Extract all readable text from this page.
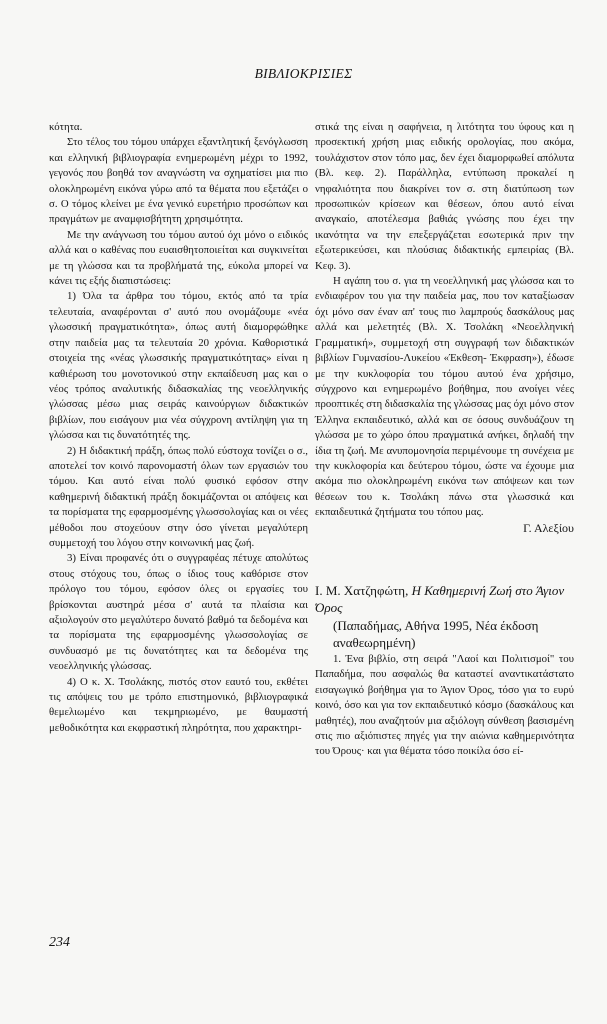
ΒΙΒΛΙΟΚΡΙΣΙΕΣ

κότητα.

Στο τέλος του τόμου υπάρχει εξαντλητική ξενόγλωσση και ελληνική βιβλιογραφία ενημερωμένη μέχρι το 1992, γεγονός που βοηθά τον αναγνώστη να σχηματίσει μια πιο ολοκληρωμένη εικόνα γύρω από τα θέματα που εξετάζει ο σ. Ο τόμος κλείνει με ένα γενικό ευρετήριο προσώπων και πραγμάτων με αναμφισβήτητη χρησιμότητα.

Με την ανάγνωση του τόμου αυτού όχι μόνο ο ειδικός αλλά και ο καθένας που ευαισθητοποιείται και συγκινείται με τη γλώσσα και τα προβλήματά της, εύκολα μπορεί να κάνει τις εξής διαπιστώσεις:

1) Όλα τα άρθρα του τόμου, εκτός από τα τρία τελευταία, αναφέρονται σ' αυτό που ονομάζουμε «νέα γλωσσική πραγματικότητα», όπως αυτή διαμορφώθηκε στην παιδεία μας τα τελευταία 20 χρόνια. Καθοριστικά στοιχεία της «νέας γλωσσικής πραγματικότητας» είναι η καθιέρωση του μονοτονικού στην εκπαίδευση μας και ο νέος τρόπος αναλυτικής διδασκαλίας της νεοελληνικής γλώσσας μέσω μιας σειράς καινούργιων διδακτικών βιβλίων, που εισάγουν μια νέα σύγχρονη αντίληψη για τη γλώσσα και τις δυνατότητές της.

2) Η διδακτική πράξη, όπως πολύ εύστοχα τονίζει ο σ., αποτελεί τον κοινό παρονομαστή όλων των εργασιών του τόμου. Και αυτό είναι πολύ φυσικό εφόσον στην καθημερινή διδακτική πράξη δοκιμάζονται οι απόψεις και τα πορίσματα της εφαρμοσμένης γλωσσολογίας και οι νέες μέθοδοι που στοχεύουν στην όσο γίνεται μεγαλύτερη συμμετοχή του λόγου στην κοινωνική μας ζωή.

3) Είναι προφανές ότι ο συγγραφέας πέτυχε απολύτως στους στόχους του, όπως ο ίδιος τους καθόρισε στον πρόλογο του τόμου, εφόσον όλες οι εργασίες του βρίσκονται αυστηρά μέσα σ' αυτά τα πλαίσια και αξιολογούν στο μεγαλύτερο δυνατό βαθμό τα δεδομένα και τα πορίσματα της εφαρμοσμένης γλωσσολογίας σε συνδυασμό με τις δυνατότητες και τα δεδομένα της νεοελληνικής γλώσσας.

4) Ο κ. Χ. Τσολάκης, πιστός στον εαυτό του, εκθέτει τις απόψεις του με τρόπο επιστημονικό, βιβλιογραφικά θεμελιωμένο και τεκμηριωμένο, με θαυμαστή μεθοδικότητα και εκφραστική πληρότητα, που χαρακτηρι-

στικά της είναι η σαφήνεια, η λιτότητα του ύφους και η προσεκτική χρήση μιας ειδικής ορολογίας, που ακόμα, τουλάχιστον στον τόπο μας, δεν έχει διαμορφωθεί απόλυτα (Βλ. κεφ. 2). Παράλληλα, εντύπωση προκαλεί η νηφαλιότητα που διακρίνει τον σ. στη διατύπωση των προσωπικών κρίσεων και θέσεων, όπου αυτό είναι αναγκαίο, αποτέλεσμα βαθιάς γνώσης που έχει την ικανότητα να την επεξεργάζεται εσωτερικά πριν την εξωτερικεύσει, και πλούσιας διδακτικής εμπειρίας (Βλ. Κεφ. 3).

Η αγάπη του σ. για τη νεοελληνική μας γλώσσα και το ενδιαφέρον του για την παιδεία μας, που τον καταξίωσαν όχι μόνο σαν έναν απ' τους πιο λαμπρούς δασκάλους μας αλλά και μελετητές (Βλ. Χ. Τσολάκη «Νεοελληνική Γραμματική», συμμετοχή στη συγγραφή των διδακτικών βιβλίων Γυμνασίου-Λυκείου «Έκθεση- Έκφραση»), έδωσε με την κυκλοφορία του τόμου αυτού ένα χρήσιμο, σύγχρονο και ενημερωμένο βοήθημα, που ανοίγει νέες προοπτικές στη διδασκαλία της γλώσσας μας όχι μόνο στον Έλληνα εκπαιδευτικό, αλλά και σε όσους συνδυάζουν τη γλώσσα με το χώρο όπου πραγματικά ανήκει, δηλαδή την ίδια τη ζωή. Με ανυπομονησία περιμένουμε τη συνέχεια με την κυκλοφορία και δεύτερου τόμου, ώστε να έχουμε μια ακόμα πιο ολοκληρωμένη εικόνα των απόψεων και των θέσεων του κ. Τσολάκη πάνω στα γλωσσικά και εκπαιδευτικά ζητήματα του τόπου μας.

Γ. Αλεξίου

Ι. Μ. Χατζηφώτη, Η Καθημερινή Ζωή στο Άγιον Όρος
(Παπαδήμας, Αθήνα 1995, Νέα έκδοση αναθεωρημένη)

1. Ένα βιβλίο, στη σειρά "Λαοί και Πολιτισμοί" του Παπαδήμα, που ασφαλώς θα καταστεί αναντικατάστατο εισαγωγικό βοήθημα για το Άγιον Όρος, τόσο για το ευρύ κοινό, όσο και για τον εκπαιδευτικό κόσμο (δασκάλους και μαθητές), που αναζητούν μια αξιόλογη σύνθεση βασισμένη στις πιο αξιόπιστες πηγές για την αιώνια καθημερινότητα του Όρους· και για θέματα τόσο ποικίλα όσο εί-

234
